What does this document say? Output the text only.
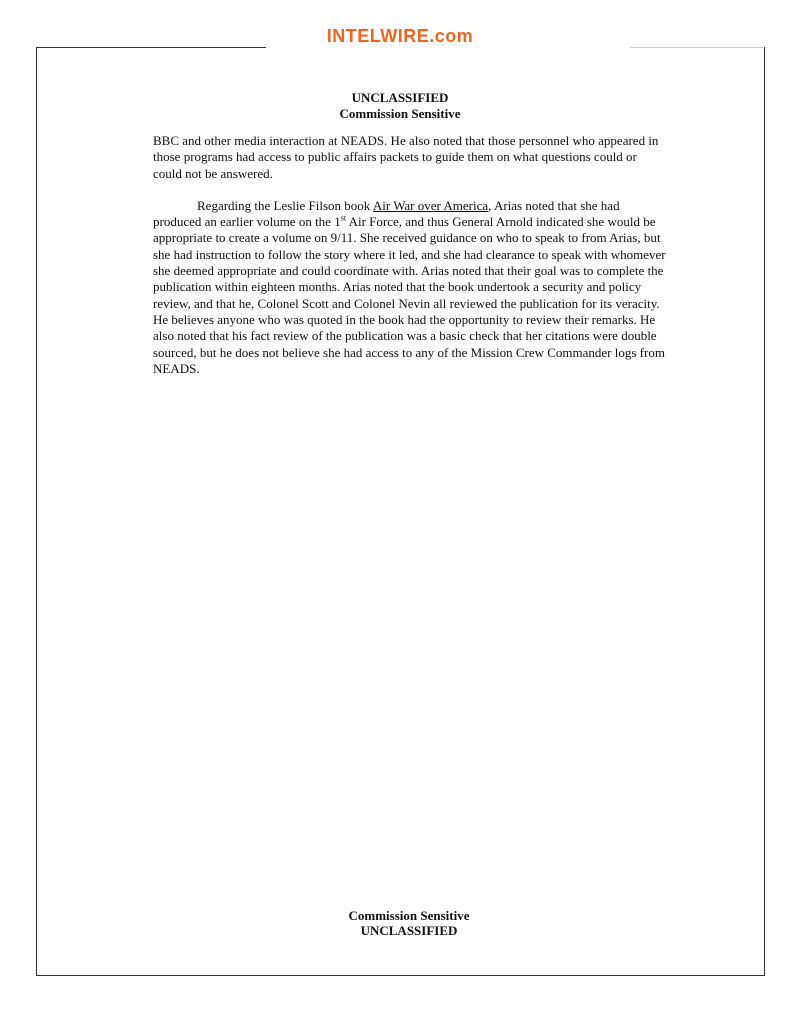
INTELWIRE.com
UNCLASSIFIED
Commission Sensitive

BBC and other media interaction at NEADS. He also noted that those personnel who appeared in those programs had access to public affairs packets to guide them on what questions could or could not be answered.

Regarding the Leslie Filson book Air War over America, Arias noted that she had produced an earlier volume on the 1st Air Force, and thus General Arnold indicated she would be appropriate to create a volume on 9/11. She received guidance on who to speak to from Arias, but she had instruction to follow the story where it led, and she had clearance to speak with whomever she deemed appropriate and could coordinate with. Arias noted that their goal was to complete the publication within eighteen months. Arias noted that the book undertook a security and policy review, and that he, Colonel Scott and Colonel Nevin all reviewed the publication for its veracity. He believes anyone who was quoted in the book had the opportunity to review their remarks. He also noted that his fact review of the publication was a basic check that her citations were double sourced, but he does not believe she had access to any of the Mission Crew Commander logs from NEADS.

Commission Sensitive
UNCLASSIFIED
